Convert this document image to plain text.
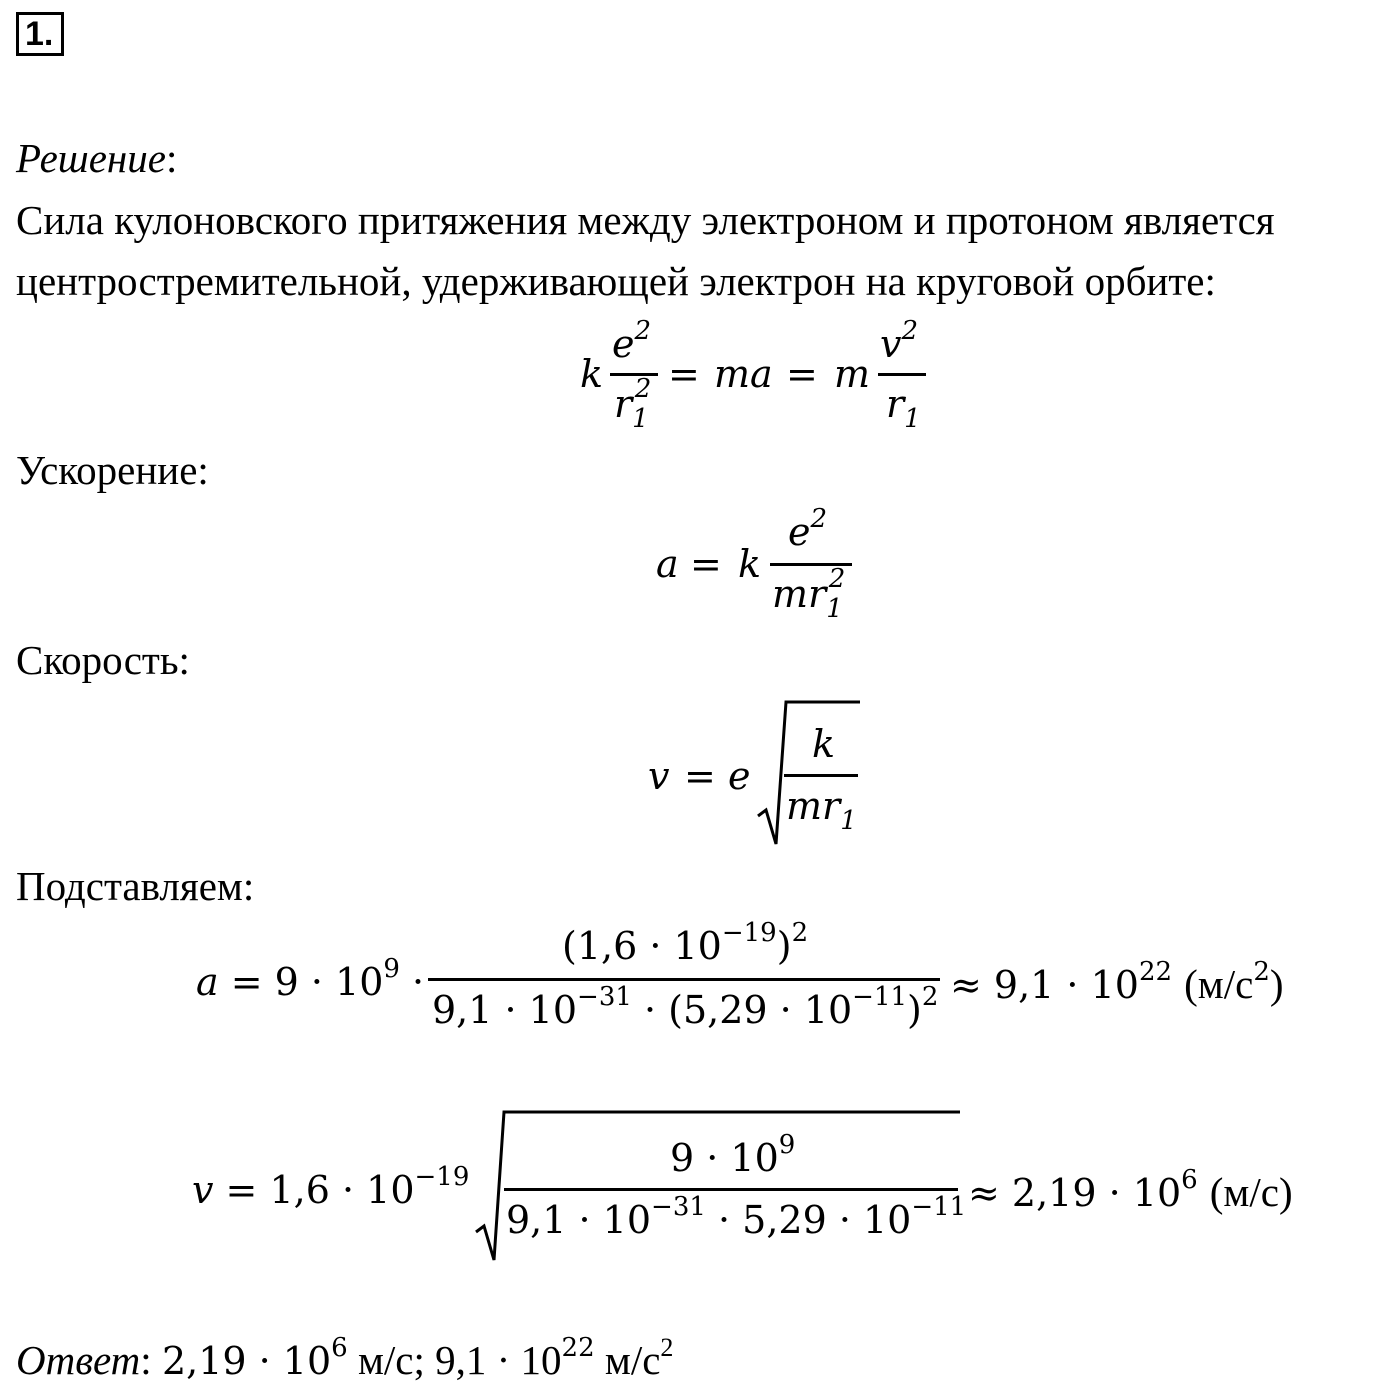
1.
Решение:
Сила кулоновского притяжения между электроном и протоном является
центростремительной, удерживающей электрон на круговой орбите:
k
$e^2$
$r_1^2$ = ma = m
$v^2$
$r_1$
Ускорение:
a = k
$e^2$
$mr_1^2$
Скорость:
v = e
k
$mr_1$
Подставляем:
$a = 9 \cdot 10^9$ ·
$(1,6 \cdot 10^{-19})^2$
$9,1 \cdot 10^{-31} \cdot (5,29 \cdot 10^{-11})^2 \approx 9,1 \cdot 10^{22}$ $(м/с^2)$
$v = 1,6 \cdot 10^{-19}$	$9 \cdot 10^9$
$9,1 \cdot 10^{-31} \cdot 5,29 \cdot 10^{-11} \approx 2,19 \cdot 10^6$ (м/с)
Ответ: $2,19 \cdot 10^6$ м/с; $9,1 \cdot 10^{22}$ $м/с^2$
